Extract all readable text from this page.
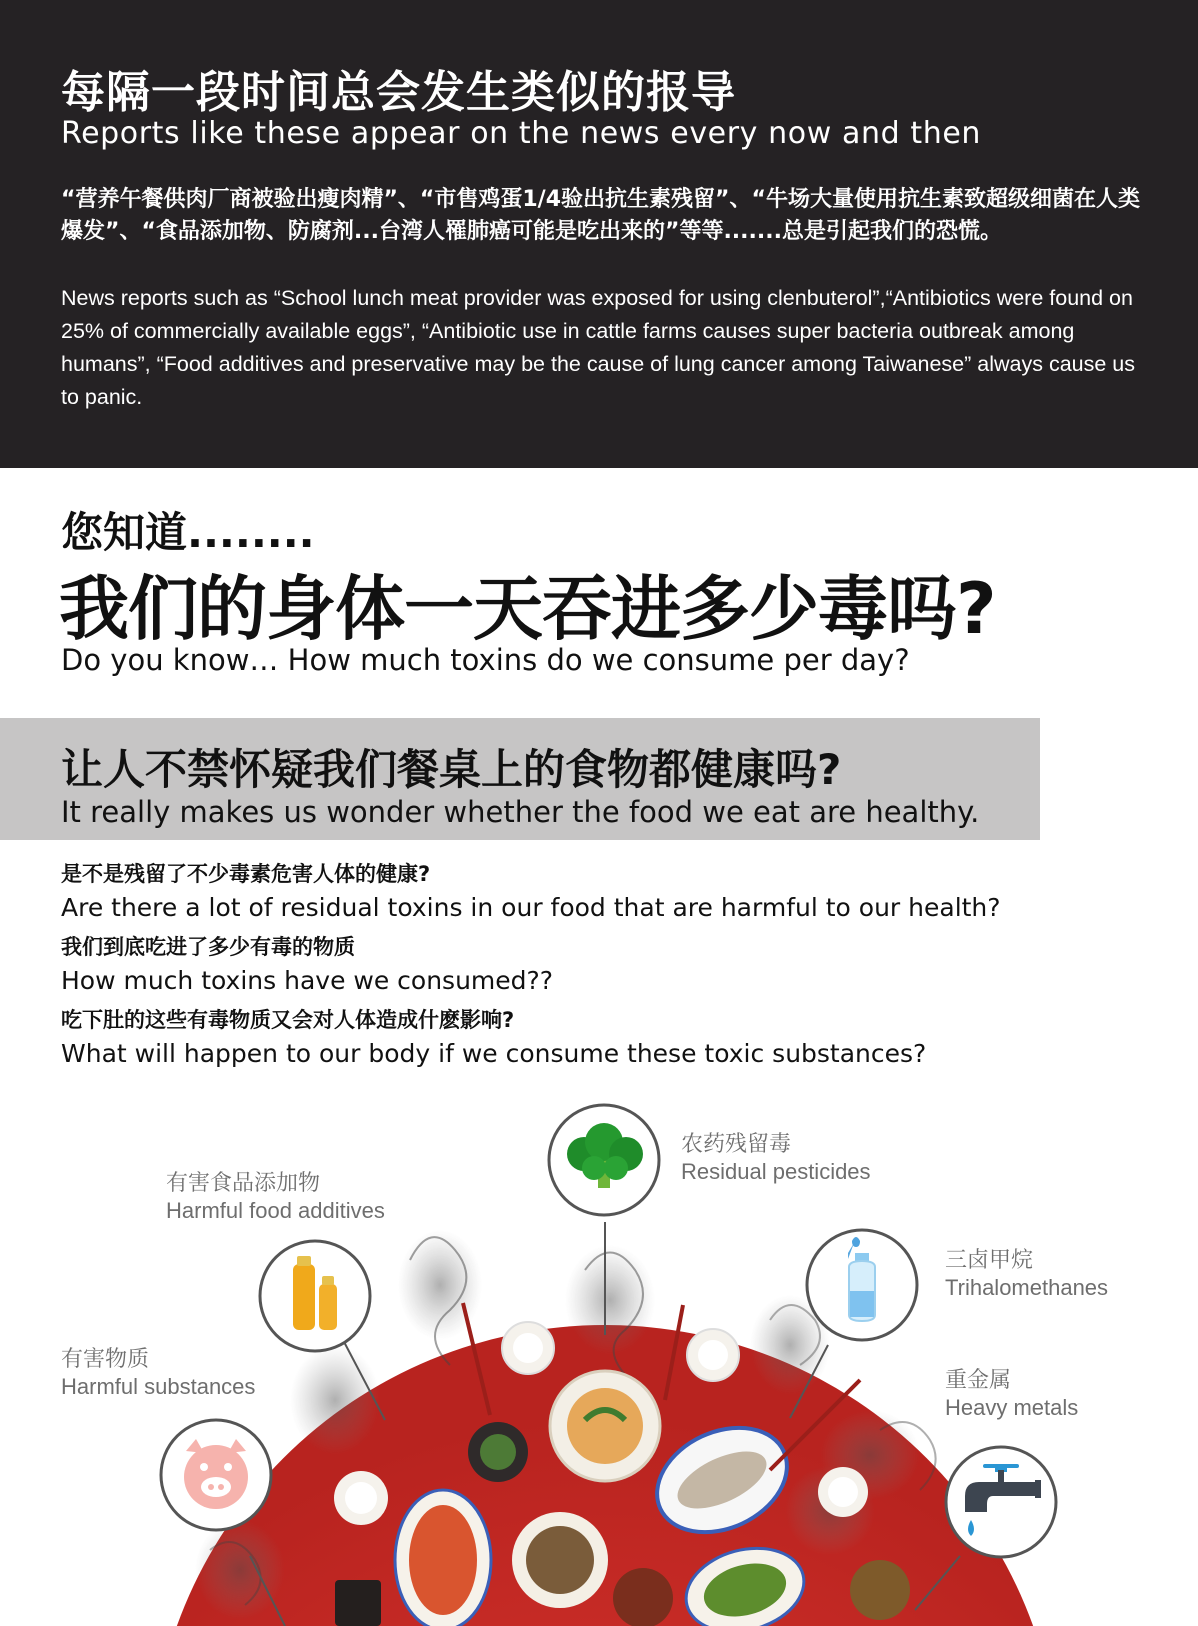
每隔一段时间总会发生类似的报导
Reports like these appear on the news every now and then
“营养午餐供肉厂商被验出瘦肉精”、“市售鸡蛋1/4验出抗生素残留”、“牛场大量使用抗生素致超级细菌在人类爆发”、“食品添加物、防腐剂...台湾人罹肺癌可能是吃出来的”等等.......总是引起我们的恐慌。
News reports such as “School lunch meat provider was exposed for using clenbuterol”,“Antibiotics were found on 25% of commercially available eggs”, “Antibiotic use in cattle farms causes super bacteria outbreak among humans”, “Food additives and preservative may be the cause of lung cancer among Taiwanese” always cause us to panic.
您知道........
我们的身体一天吞进多少毒吗?
Do you know… How much toxins do we consume per day?
让人不禁怀疑我们餐桌上的食物都健康吗?
It really makes us wonder whether the food we eat are healthy.
是不是残留了不少毒素危害人体的健康?
Are there a lot of residual toxins in our food that are harmful to our health?
我们到底吃进了多少有毒的物质
How much toxins have we consumed??
吃下肚的这些有毒物质又会对人体造成什麽影响?
What will happen to our body if we consume these toxic substances?
农药残留毒
Residual pesticides
有害食品添加物
Harmful food additives
三卤甲烷
Trihalomethanes
有害物质
Harmful substances	重金属
Heavy metals
